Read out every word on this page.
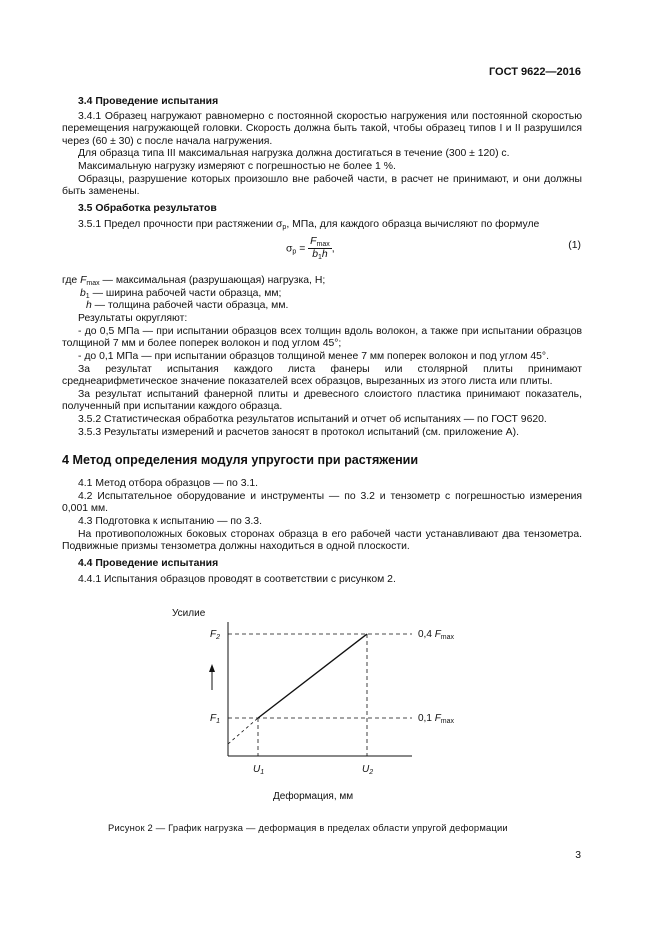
ГОСТ 9622—2016
3.4 Проведение испытания
3.4.1 Образец нагружают равномерно с постоянной скоростью нагружения или постоянной скоростью перемещения нагружающей головки. Скорость должна быть такой, чтобы образец типов I и II разрушился через (60 ± 30) с после начала нагружения.
Для образца типа III максимальная нагрузка должна достигаться в течение (300 ± 120) с.
Максимальную нагрузку измеряют с погрешностью не более 1 %.
Образцы, разрушение которых произошло вне рабочей части, в расчет не принимают, и они должны быть заменены.
3.5 Обработка результатов
3.5.1 Предел прочности при растяжении $\sigma_р$, МПа, для каждого образца вычисляют по формуле
$\sigma_р = \frac{F_{max}}{b_1h}$ ,	(1)
где $F_{max}$ — максимальная (разрушающая) нагрузка, Н;
$b_1$ — ширина рабочей части образца, мм;
h — толщина рабочей части образца, мм.
Результаты округляют:
- до 0,5 МПа — при испытании образцов всех толщин вдоль волокон, а также при испытании образцов толщиной 7 мм и более поперек волокон и под углом 45°;
- до 0,1 МПа — при испытании образцов толщиной менее 7 мм поперек волокон и под углом 45°.
За результат испытания каждого листа фанеры или столярной плиты принимают среднеарифметическое значение показателей всех образцов, вырезанных из этого листа или плиты.
За результат испытаний фанерной плиты и древесного слоистого пластика принимают показатель, полученный при испытании каждого образца.
3.5.2 Статистическая обработка результатов испытаний и отчет об испытаниях — по ГОСТ 9620.
3.5.3 Результаты измерений и расчетов заносят в протокол испытаний (см. приложение А).
4 Метод определения модуля упругости при растяжении
4.1 Метод отбора образцов — по 3.1.
4.2 Испытательное оборудование и инструменты — по 3.2 и тензометр с погрешностью измерения 0,001 мм.
4.3 Подготовка к испытанию — по 3.3.
На противоположных боковых сторонах образца в его рабочей части устанавливают два тензометра. Подвижные призмы тензометра должны находиться в одной плоскости.
4.4 Проведение испытания
4.4.1 Испытания образцов проводят в соответствии с рисунком 2.
Усилие
$F_2$
$F_1$
$U_1$	$U_2$
0,4 $F_{max}$
0,1 $F_{max}$
Деформация, мм
Рисунок 2 — График нагрузка — деформация в пределах области упругой деформации
3
